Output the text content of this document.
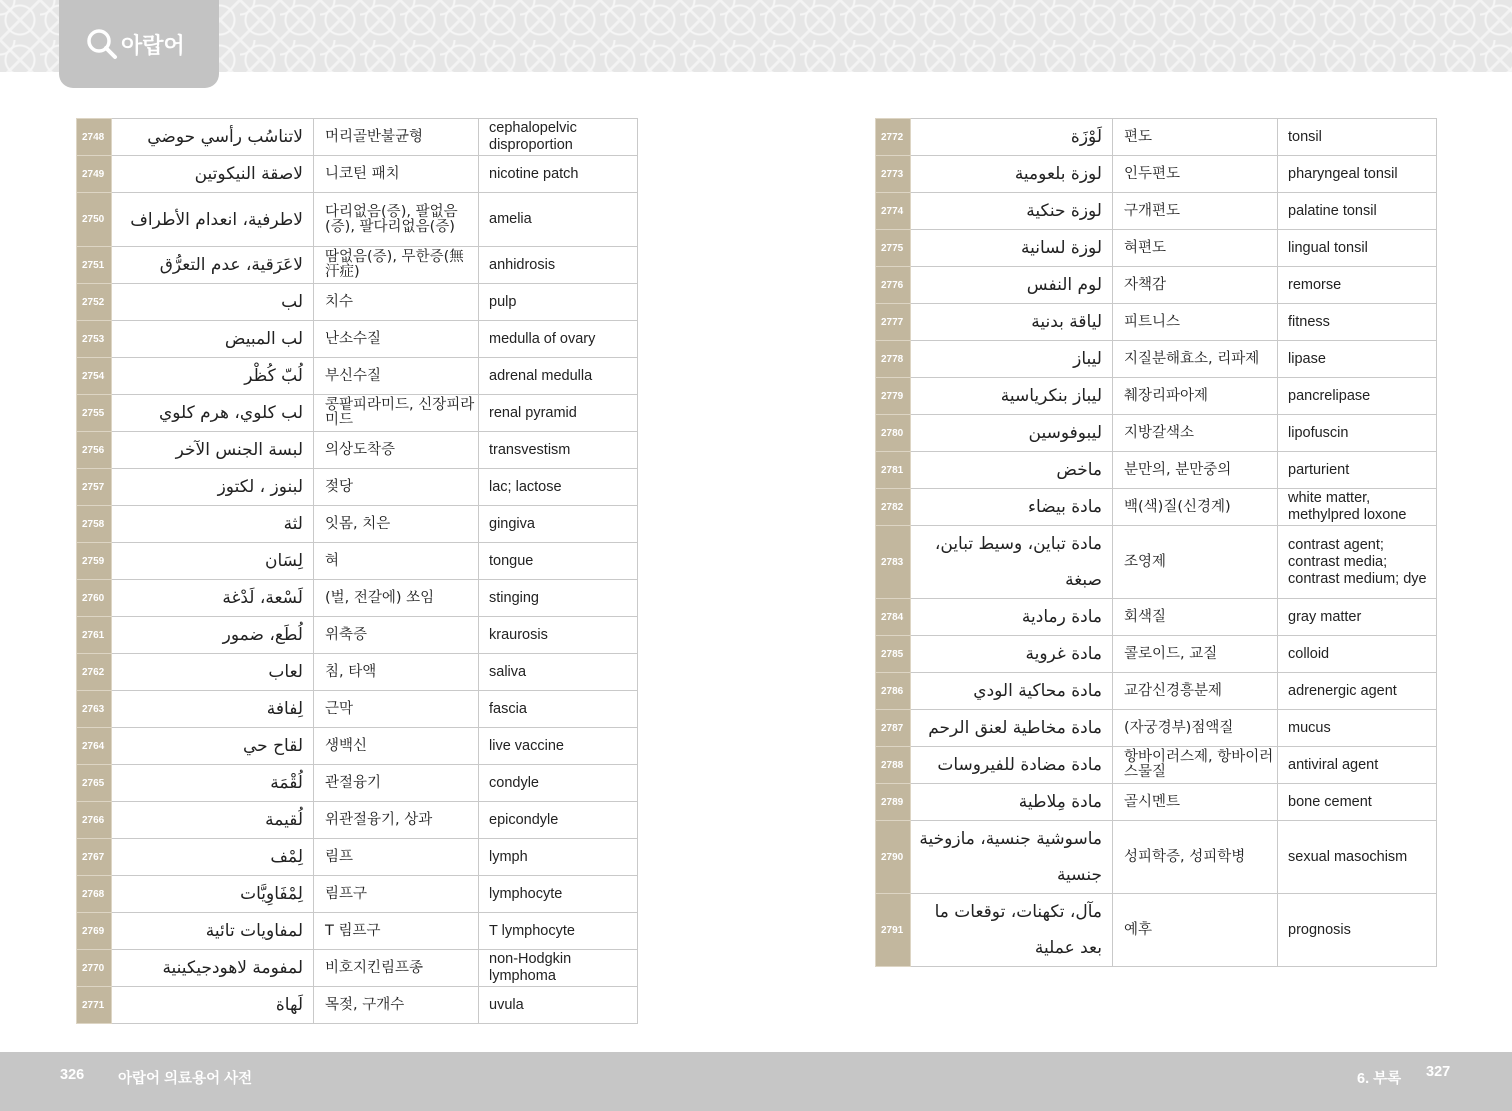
아랍어
2748	لاتناسُب رأسي حوضي	머리골반불균형	cephalopelvic disproportion
2749	لاصقة النيكوتين	니코틴 패치	nicotine patch
2750	لاطرفية، انعدام الأطراف	다리없음(증), 팔없음(증), 팔다리없음(증)	amelia
2751	لاعَرَقية، عدم التعرُّق	땀없음(증), 무한증(無汗症)	anhidrosis
2752	لب	치수	pulp
2753	لب المبيض	난소수질	medulla of ovary
2754	لُبّ كُظْر	부신수질	adrenal medulla
2755	لب كلوي، هرم كلوي	콩팥피라미드, 신장피라미드	renal pyramid
2756	لبسة الجنس الآخر	의상도착증	transvestism
2757	لبنوز ، لكتوز	젖당	lac; lactose
2758	لثة	잇몸, 치은	gingiva
2759	لِسَان	혀	tongue
2760	لَسْعة، لَدْغة	(벌, 전갈에) 쏘임	stinging
2761	لُطَع، ضمور	위축증	kraurosis
2762	لعاب	침, 타액	saliva
2763	لِفافة	근막	fascia
2764	لقاح حي	생백신	live vaccine
2765	لُقْمَة	관절융기	condyle
2766	لُقيمة	위관절융기, 상과	epicondyle
2767	لِمْف	림프	lymph
2768	لِمْفَاوِيَّات	림프구	lymphocyte
2769	لمفاويات تائية	T 림프구	T lymphocyte
2770	لمفومة لاهودجيكينية	비호지킨림프종	non-Hodgkin lymphoma
2771	لَهاة	목젖, 구개수	uvula
2772	لَوْزَة	편도	tonsil
2773	لوزة بلعومية	인두편도	pharyngeal tonsil
2774	لوزة حنكية	구개편도	palatine tonsil
2775	لوزة لسانية	혀편도	lingual tonsil
2776	لوم النفس	자책감	remorse
2777	لياقة بدنية	피트니스	fitness
2778	ليباز	지질분해효소, 리파제	lipase
2779	ليباز بنكرياسية	췌장리파아제	pancrelipase
2780	ليبوفوسين	지방갈색소	lipofuscin
2781	ماخض	분만의, 분만중의	parturient
2782	مادة بيضاء	백(색)질(신경계)	white matter, methylpred loxone
2783	مادة تباين، وسيط تباين، صبغة	조영제	contrast agent; contrast media; contrast medium; dye
2784	مادة رمادية	회색질	gray matter
2785	مادة غروية	콜로이드, 교질	colloid
2786	مادة محاكية الودي	교감신경흥분제	adrenergic agent
2787	مادة مخاطية لعنق الرحم	(자궁경부)점액질	mucus
2788	مادة مضادة للفيروسات	항바이러스제, 항바이러스물질	antiviral agent
2789	مادة مِلاطية	골시멘트	bone cement
2790	ماسوشية جنسية، مازوخية جنسية	성피학증, 성피학병	sexual masochism
2791	مآل، تكهنات، توقعات ما بعد عملية	예후	prognosis
326 아랍어 의료용어 사전	6. 부록 327
